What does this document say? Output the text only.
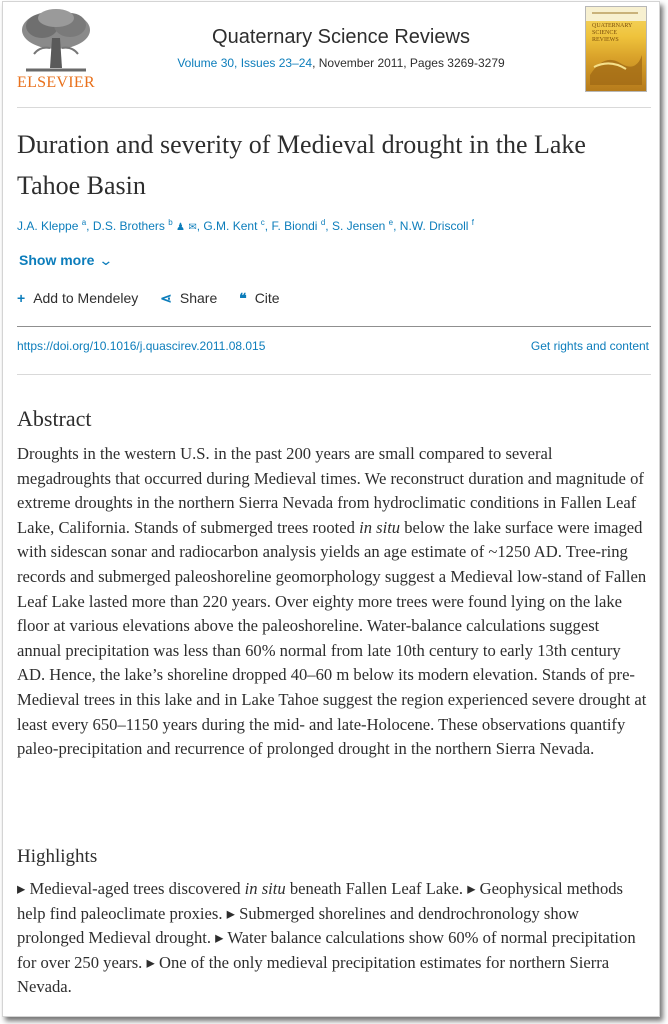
ELSEVIER
Quaternary Science Reviews
Volume 30, Issues 23–24, November 2011, Pages 3269-3279
QUATERNARY SCIENCE REVIEWS
Duration and severity of Medieval drought in the Lake Tahoe Basin
J.A. Kleppe $^a$, D.S. Brothers $^b$ ♟ ✉, G.M. Kent $^c$, F. Biondi $^d$, S. Jensen $^e$, N.W. Driscoll $^f$
Show more ⌄
+ Add to Mendeley ⋖ Share ❝ Cite
https://doi.org/10.1016/j.quascirev.2011.08.015	Get rights and content
Abstract

Droughts in the western U.S. in the past 200 years are small compared to several megadroughts that occurred during Medieval times. We reconstruct duration and magnitude of extreme droughts in the northern Sierra Nevada from hydroclimatic conditions in Fallen Leaf Lake, California. Stands of submerged trees rooted in situ below the lake surface were imaged with sidescan sonar and radiocarbon analysis yields an age estimate of ~1250 AD. Tree-ring records and submerged paleoshoreline geomorphology suggest a Medieval low-stand of Fallen Leaf Lake lasted more than 220 years. Over eighty more trees were found lying on the lake floor at various elevations above the paleoshoreline. Water-balance calculations suggest annual precipitation was less than 60% normal from late 10th century to early 13th century AD. Hence, the lake’s shoreline dropped 40–60 m below its modern elevation. Stands of pre-Medieval trees in this lake and in Lake Tahoe suggest the region experienced severe drought at least every 650–1150 years during the mid- and late-Holocene. These observations quantify paleo-precipitation and recurrence of prolonged drought in the northern Sierra Nevada.

Highlights

▸ Medieval-aged trees discovered in situ beneath Fallen Leaf Lake. ▸ Geophysical methods help find paleoclimate proxies. ▸ Submerged shorelines and dendrochronology show prolonged Medieval drought. ▸ Water balance calculations show 60% of normal precipitation for over 250 years. ▸ One of the only medieval precipitation estimates for northern Sierra Nevada.
